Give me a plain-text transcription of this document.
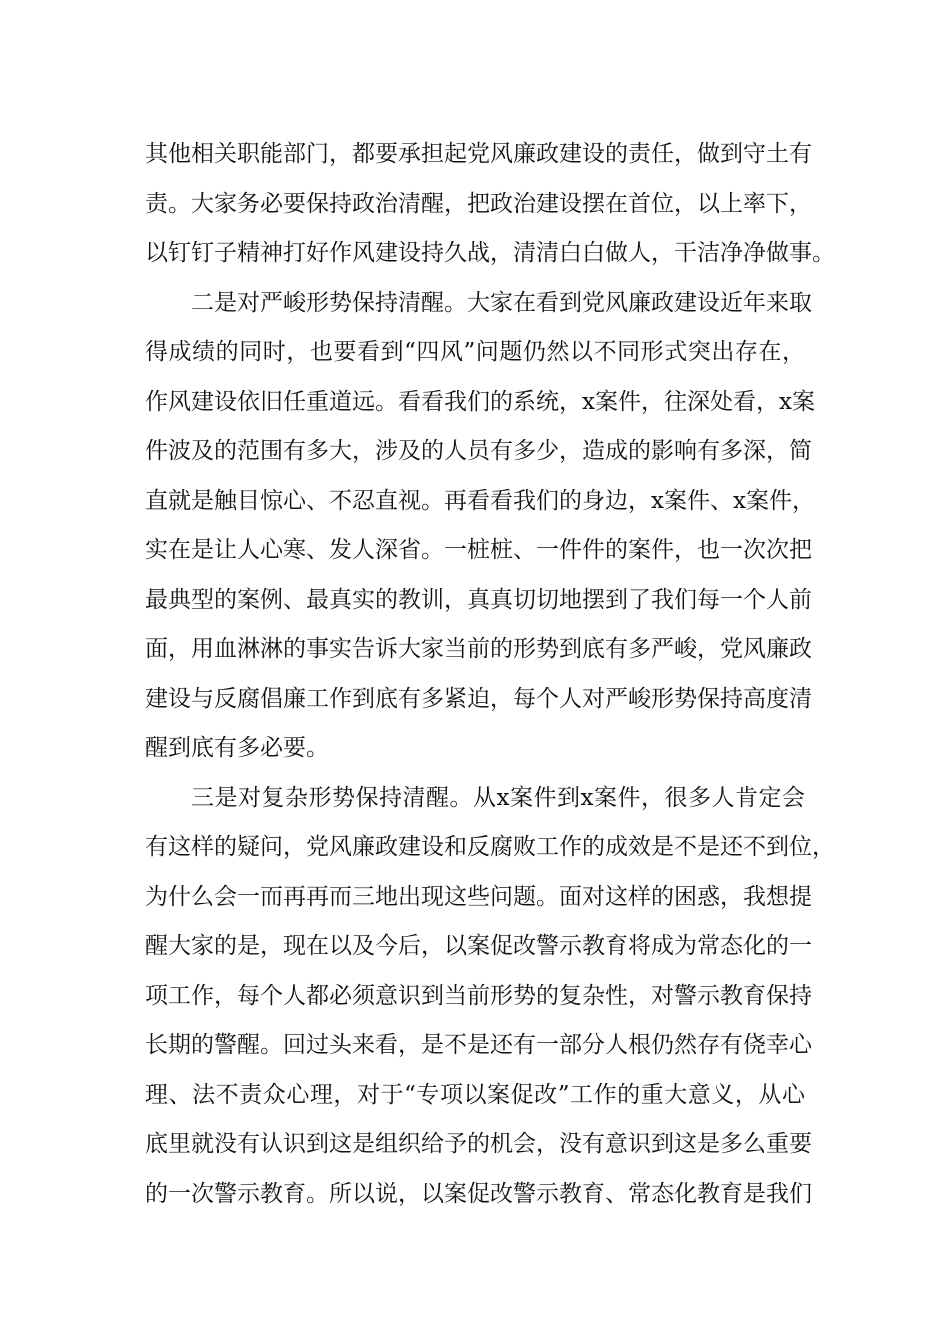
其他相关职能部门，都要承担起党风廉政建设的责任，做到守土有
责。大家务必要保持政治清醒，把政治建设摆在首位，以上率下，
以钉钉子精神打好作风建设持久战，清清白白做人，干洁净净做事。
二是对严峻形势保持清醒。大家在看到党风廉政建设近年来取
得成绩的同时，也要看到“四风”问题仍然以不同形式突出存在，
作风建设依旧任重道远。看看我们的系统，x案件，往深处看，x案
件波及的范围有多大，涉及的人员有多少，造成的影响有多深，简
直就是触目惊心、不忍直视。再看看我们的身边，x案件、x案件，
实在是让人心寒、发人深省。一桩桩、一件件的案件，也一次次把
最典型的案例、最真实的教训，真真切切地摆到了我们每一个人前
面，用血淋淋的事实告诉大家当前的形势到底有多严峻，党风廉政
建设与反腐倡廉工作到底有多紧迫，每个人对严峻形势保持高度清
醒到底有多必要。
三是对复杂形势保持清醒。从x案件到x案件，很多人肯定会
有这样的疑问，党风廉政建设和反腐败工作的成效是不是还不到位，
为什么会一而再再而三地出现这些问题。面对这样的困惑，我想提
醒大家的是，现在以及今后，以案促改警示教育将成为常态化的一
项工作，每个人都必须意识到当前形势的复杂性，对警示教育保持
长期的警醒。回过头来看，是不是还有一部分人根仍然存有侥幸心
理、法不责众心理，对于“专项以案促改”工作的重大意义，从心
底里就没有认识到这是组织给予的机会，没有意识到这是多么重要
的一次警示教育。所以说，以案促改警示教育、常态化教育是我们
